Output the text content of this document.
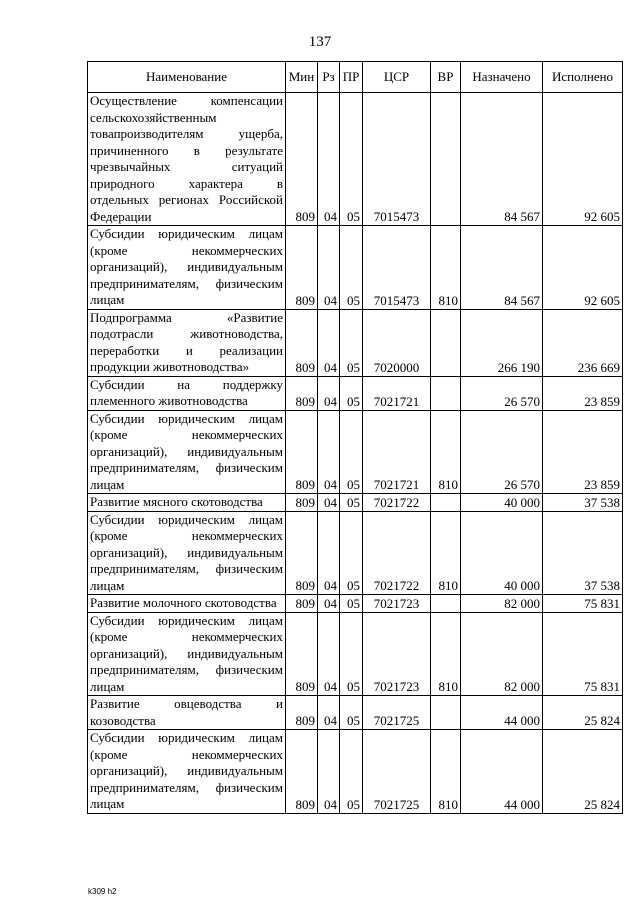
137
Наименование	Мин	Рз	ПР	ЦСР	ВР	Назначено	Исполнено
Осуществление компенсации сельскохозяйственным товапроизводителям ущерба, причиненного в результате чрезвычайных ситуаций природного характера в отдельных регионах Российской Федерации	809	04	05	7015473		84 567	92 605
Субсидии юридическим лицам (кроме некоммерческих организаций), индивидуальным предпринимателям, физическим лицам	809	04	05	7015473	810	84 567	92 605
Подпрограмма «Развитие подотрасли животноводства, переработки и реализации продукции животноводства»	809	04	05	7020000		266 190	236 669
Субсидии на поддержку племенного животноводства	809	04	05	7021721		26 570	23 859
Субсидии юридическим лицам (кроме некоммерческих организаций), индивидуальным предпринимателям, физическим лицам	809	04	05	7021721	810	26 570	23 859
Развитие мясного скотоводства	809	04	05	7021722		40 000	37 538
Субсидии юридическим лицам (кроме некоммерческих организаций), индивидуальным предпринимателям, физическим лицам	809	04	05	7021722	810	40 000	37 538
Развитие молочного скотоводства	809	04	05	7021723		82 000	75 831
Субсидии юридическим лицам (кроме некоммерческих организаций), индивидуальным предпринимателям, физическим лицам	809	04	05	7021723	810	82 000	75 831
Развитие овцеводства и козоводства	809	04	05	7021725		44 000	25 824
Субсидии юридическим лицам (кроме некоммерческих организаций), индивидуальным предпринимателям, физическим лицам	809	04	05	7021725	810	44 000	25 824
k309 h2
